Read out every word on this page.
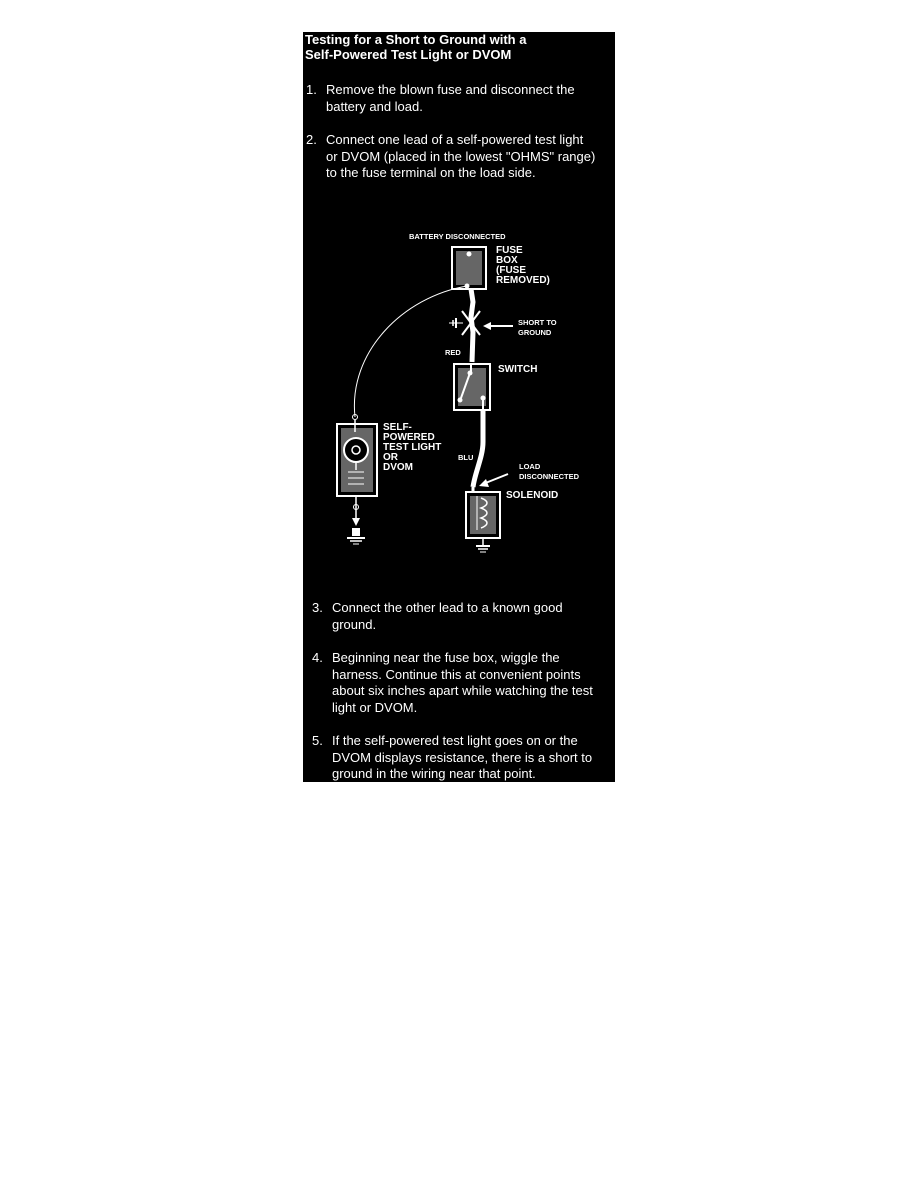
Testing for a Short to Ground with a
Self-Powered Test Light or DVOM
1. Remove the blown fuse and disconnect the
battery and load.
2. Connect one lead of a self-powered test light
or DVOM (placed in the lowest "OHMS" range)
to the fuse terminal on the load side.
BATTERY DISCONNECTED
FUSE
BOX
(FUSE
REMOVED)
SHORT TO
GROUND
RED
SWITCH
BLU
LOAD
DISCONNECTED
SOLENOID
SELF-
POWERED
TEST LIGHT
OR
DVOM
3. Connect the other lead to a known good
ground.
4. Beginning near the fuse box, wiggle the
harness. Continue this at convenient points
about six inches apart while watching the test
light or DVOM.
5. If the self-powered test light goes on or the
DVOM displays resistance, there is a short to
ground in the wiring near that point.
